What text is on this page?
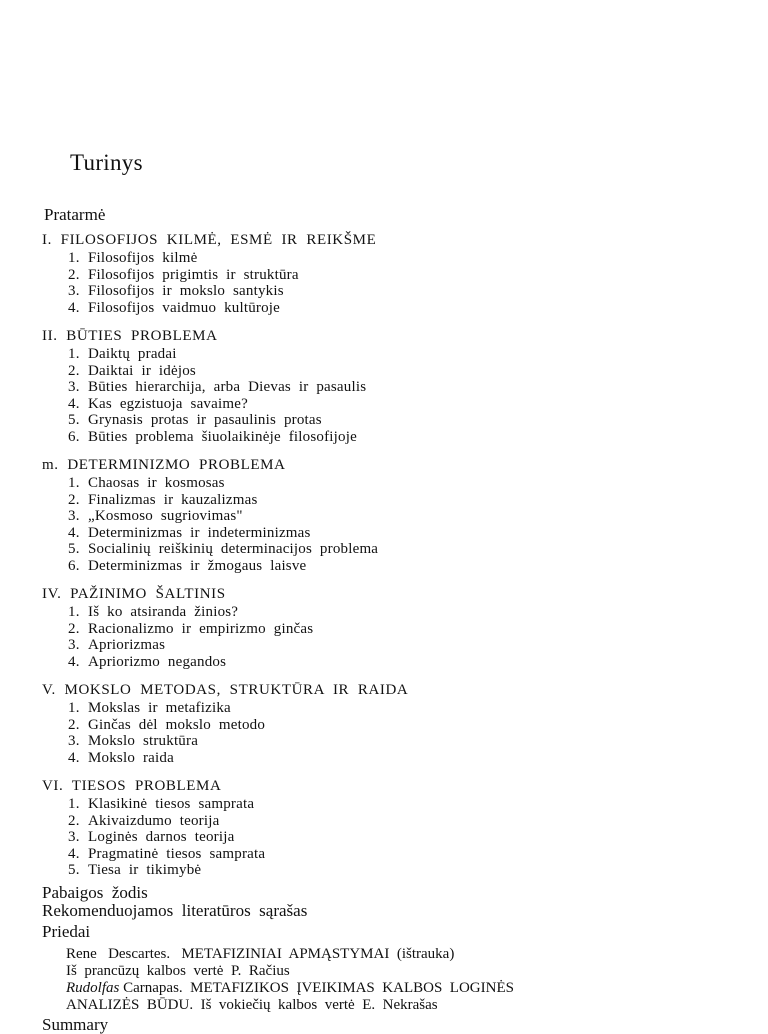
Turinys
Pratarmė
I.  FILOSOFIJOS  KILMĖ,  ESMĖ  IR  REIKŠME
1. Filosofijos  kilmė
2. Filosofijos  prigimtis  ir  struktūra
3. Filosofijos  ir  mokslo  santykis
4. Filosofijos  vaidmuo  kultūroje
II.  BŪTIES  PROBLEMA
1. Daiktų  pradai
2. Daiktai  ir  idėjos
3. Būties  hierarchija,  arba  Dievas  ir  pasaulis
4. Kas  egzistuoja  savaime?
5. Grynasis  protas  ir  pasaulinis  protas
6. Būties  problema  šiuolaikinėje  filosofijoje
m.  DETERMINIZMO  PROBLEMA
1. Chaosas  ir  kosmosas
2. Finalizmas  ir  kauzalizmas
3. „Kosmoso  sugriovimas"
4. Determinizmas  ir  indeterminizmas
5. Socialinių  reiškinių  determinacijos  problema
6. Determinizmas  ir  žmogaus  laisve
IV.  PAŽINIMO  ŠALTINIS
1. Iš  ko  atsiranda  žinios?
2. Racionalizmo  ir  empirizmo  ginčas
3. Apriorizmas
4. Apriorizmo  negandos
V.  MOKSLO  METODAS,  STRUKTŪRA  IR  RAIDA
1. Mokslas  ir  metafizika
2. Ginčas  dėl  mokslo  metodo
3. Mokslo  struktūra
4. Mokslo  raida
VI.  TIESOS  PROBLEMA
1. Klasikinė  tiesos  samprata
2. Akivaizdumo  teorija
3. Loginės  darnos  teorija
4. Pragmatinė  tiesos  samprata
5. Tiesa  ir  tikimybė
Pabaigos  žodis
Rekomenduojamos  literatūros  sąrašas
Priedai
Rene   Descartes.   METAFIZINIAI  APMĄSTYMAI  (ištrauka)
Iš  prancūzų  kalbos  vertė  P.  Račius
Rudolfas Carnapas.  METAFIZIKOS  ĮVEIKIMAS  KALBOS  LOGINĖS
ANALIZĖS  BŪDU.  Iš  vokiečių  kalbos  vertė  E.  Nekrašas
Summary
